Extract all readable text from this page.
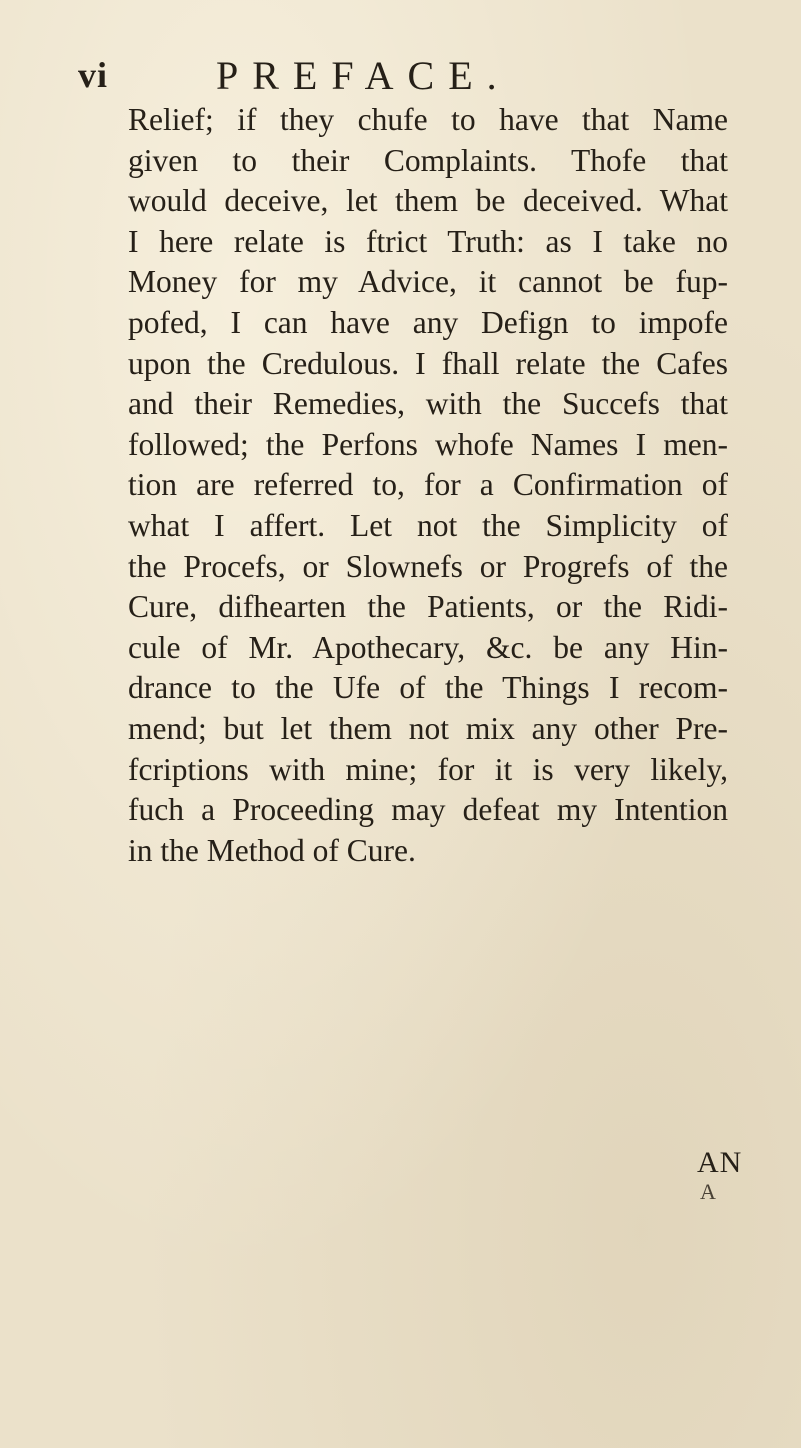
vi	PREFACE.
Relief; if they chufe to have that Name
given to their Complaints. Thofe that
would deceive, let them be deceived. What
I here relate is ftrict Truth: as I take no
Money for my Advice, it cannot be fup-
pofed, I can have any Defign to impofe
upon the Credulous. I fhall relate the Cafes
and their Remedies, with the Succefs that
followed; the Perfons whofe Names I men-
tion are referred to, for a Confirmation of
what I affert. Let not the Simplicity of
the Procefs, or Slownefs or Progrefs of the
Cure, difhearten the Patients, or the Ridi-
cule of Mr. Apothecary, &c. be any Hin-
drance to the Ufe of the Things I recom-
mend; but let them not mix any other Pre-
fcriptions with mine; for it is very likely,
fuch a Proceeding may defeat my Intention
in the Method of Cure.
AN
A
